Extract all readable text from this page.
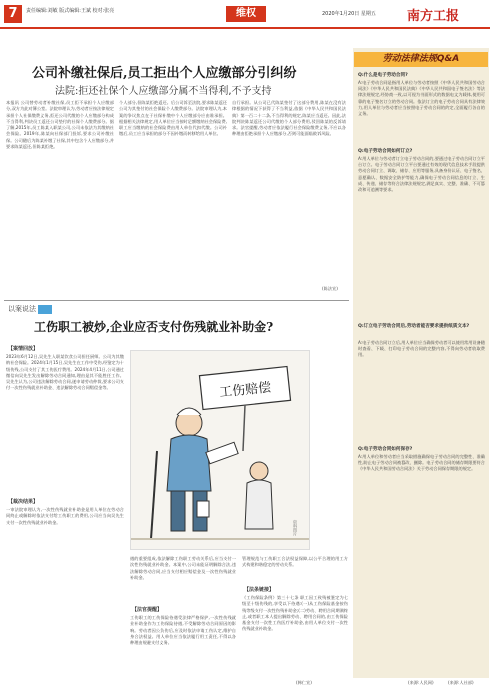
7	责任编辑:刘敏 版式编辑:王斌 校对:张亮	维权	2020年1月20日 星期五 南方工报
公司补缴社保后,员工拒出个人应缴部分引纠纷
法院:拒还社保个人应缴部分属不当得利,不予支持
本报讯 公司替劳动者补缴社保,员工拒不承担个人应缴部分,双方为此对簿公堂。法院审理认为,劳动者应按法律规定承担个人社保缴费义务,拒还公司代缴的个人应缴部分构成不当得利,判决员工返还公司垫付的社保个人缴费部分。据了解,2015年,员工陈某入职某公司,公司未依法为其缴纳社会保险。2019年,陈某向社保部门投诉,要求公司补缴社保。公司随后为陈某补缴了社保,其中包含个人应缴部分,并要求陈某返还,但陈某拒绝。
个人部分,但陈某拒绝返还。后公司诉至法院,要求陈某返还公司为其垫付的社会保险个人缴费部分。法院审理认为,本案的争议焦点在于社保补缴中个人应缴部分应由谁承担。根据相关法律规定,用人单位应当按时足额缴纳社会保险费,职工应当缴纳的社会保险费由用人单位代扣代缴。公司补缴后,员工应当承担的部分不因补缴而转移给用人单位。
自行承担。从公司已代陈某垫付了这部分费用,陈某在没有法律根据的情况下获得了不当利益,依据《中华人民共和国民法典》第一百二十二条,不当得利的规定,陈某应当返还。因此,法院判决陈某返还公司代缴的个人部分费用,驳回陈某的反诉请求。法官提醒,劳动者应依法履行社会保险缴费义务,不应以各种理由拒绝承担个人应缴部分,否则可能面临败诉风险。
(陈法宣)
以案说法
工伤职工被炒,企业应否支付伤残就业补助金?
【案情回放】
2023年6月12日,吴先生入职某饮食公司担任厨师。公司为其缴纳社会保险。2024年1月15日,吴先生在工作中受伤,经鉴定为十级伤残,公司支付了其工伤医疗费用。2024年4月11日,公司通过微信向吴先生发出解除劳动合同通知,理由是其不能胜任工作。吴先生认为,公司违法解除劳动合同,遂申请劳动仲裁,要求公司支付一次性伤残就业补助金、违法解除劳动合同赔偿金等。
【裁决结果】
一审法院审理认为,一次性伤残就业补助金是用人单位在劳动合同终止或解除时依法支付给工伤职工的费用,公司应当向吴先生支付一次性伤残就业补助金。
工伤赔偿
资料图片
遇的重要组成,依法解除工伤职工劳动关系后,应当支付一次性伤残就业补助金。本案中,公司未能证明解除合法,违法解除劳动合同,应当支付相应赔偿金及一次性伤残就业补助金。
【法官提醒】
工伤职工的工伤保险待遇受法律严格保护,一次性伤残就业补助金作为工伤保险待遇,不受解除劳动合同原因的影响。劳动者因公负伤后,应及时依法申请工伤认定,维护自身合法权益。用人单位应当依法履行用工责任,不得以各种理由规避支付义务。
管理规范与工伤职工合法权益保障,以公平合理的用工方式构建和谐稳定的劳动关系。
【法条链接】
《工伤保险条例》第三十七条 职工因工致残被鉴定为七级至十级伤残的,享受以下待遇:(一)从工伤保险基金按伤残等级支付一次性伤残补助金;(二)劳动、聘用合同期满终止,或者职工本人提出解除劳动、聘用合同的,由工伤保险基金支付一次性工伤医疗补助金,由用人单位支付一次性伤残就业补助金。
(韩仁宣)
劳动法律法规Q&A
Q:什么是电子劳动合同?
A:电子劳动合同是指用人单位与劳动者按照《中华人民共和国劳动合同法》《中华人民共和国民法典》《中华人民共和国电子签名法》等法律法规规定,经协商一致,以可视为书面形式的数据电文为载体,使用可靠的电子签名订立的劳动合同。依法订立的电子劳动合同具有法律效力,用人单位与劳动者应当按照电子劳动合同的约定,全面履行各自的义务。
Q:电子劳动合同如何订立?
A:用人单位与劳动者订立电子劳动合同的,要通过电子劳动合同订立平台订立。电子劳动合同订立平台要通过有效的现代信息技术手段提供劳动合同订立、调取、储存、应用等服务,具备身份认证、电子签名、意愿确认、数据安全防护等能力,确保电子劳动合同信息的订立、生成、传递、储存等符合法律法规规定,满足真实、完整、准确、不可篡改和可追溯等要求。
Q:订立电子劳动合同后,劳动者能否要求提供纸质文本?
A:电子劳动合同订立后,用人单位应当确保劳动者可以使用常用设备随时查看、下载、打印电子劳动合同的完整内容,不得向劳动者收取费用。
Q:电子劳动合同如何保存?
A:用人单位和劳动者应当采取措施确保电子劳动合同的完整性、准确性,防止电子劳动合同被篡改、删除。电子劳动合同的储存期限要符合《中华人民共和国劳动合同法》关于劳动合同保存期限的规定。
(来源:人社部)
(来源:人民网)
